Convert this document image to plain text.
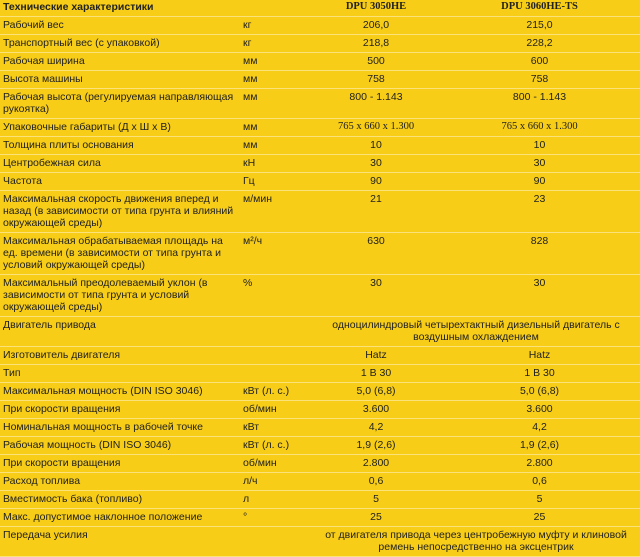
Технические характеристики		DPU 3050HE	DPU 3060HE-TS
Рабочий вес	кг	206,0	215,0
Транспортный вес (с упаковкой)	кг	218,8	228,2
Рабочая ширина	мм	500	600
Высота машины	мм	758	758
Рабочая высота (регулируемая направляющая рукоятка)	мм	800 - 1.143	800 - 1.143
Упаковочные габариты (Д x Ш x В)	мм	765 x 660 x 1.300	765 x 660 x 1.300
Толщина плиты основания	мм	10	10
Центробежная сила	кН	30	30
Частота	Гц	90	90
Максимальная скорость движения вперед и назад (в зависимости от типа грунта и влияний окружающей среды)	м/мин	21	23
Максимальная обрабатываемая площадь на ед. времени (в зависимости от типа грунта и условий окружающей среды)	м²/ч	630	828
Максимальный преодолеваемый уклон (в зависимости от типа грунта и условий окружающей среды)	%	30	30
Двигатель привода		одноцилиндровый четырехтактный дизельный двигатель с воздушным охлаждением	
Изготовитель двигателя		Hatz	Hatz
Тип		1 B 30	1 B 30
Максимальная мощность (DIN ISO 3046)	кВт (л. с.)	5,0 (6,8)	5,0 (6,8)
При скорости вращения	об/мин	3.600	3.600
Номинальная мощность в рабочей точке	кВт	4,2	4,2
Рабочая мощность (DIN ISO 3046)	кВт (л. с.)	1,9 (2,6)	1,9 (2,6)
При скорости вращения	об/мин	2.800	2.800
Расход топлива	л/ч	0,6	0,6
Вместимость бака (топливо)	л	5	5
Макс. допустимое наклонное положение	°	25	25
Передача усилия		от двигателя привода через центробежную муфту и клиновой ремень непосредственно на эксцентрик	
